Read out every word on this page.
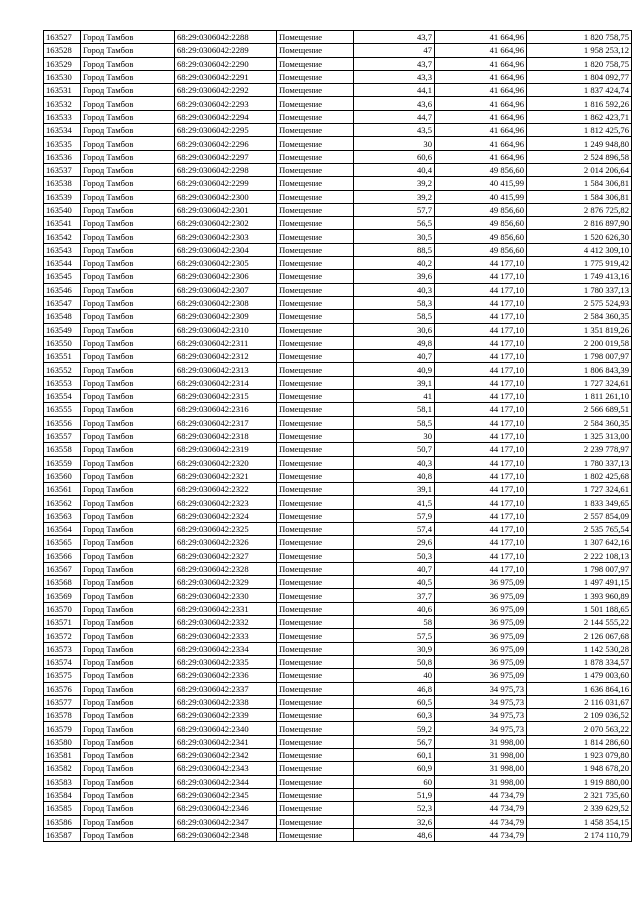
163527	Город Тамбов	68:29:0306042:2288	Помещение	43,7	41 664,96	1 820 758,75
163528	Город Тамбов	68:29:0306042:2289	Помещение	47	41 664,96	1 958 253,12
163529	Город Тамбов	68:29:0306042:2290	Помещение	43,7	41 664,96	1 820 758,75
163530	Город Тамбов	68:29:0306042:2291	Помещение	43,3	41 664,96	1 804 092,77
163531	Город Тамбов	68:29:0306042:2292	Помещение	44,1	41 664,96	1 837 424,74
163532	Город Тамбов	68:29:0306042:2293	Помещение	43,6	41 664,96	1 816 592,26
163533	Город Тамбов	68:29:0306042:2294	Помещение	44,7	41 664,96	1 862 423,71
163534	Город Тамбов	68:29:0306042:2295	Помещение	43,5	41 664,96	1 812 425,76
163535	Город Тамбов	68:29:0306042:2296	Помещение	30	41 664,96	1 249 948,80
163536	Город Тамбов	68:29:0306042:2297	Помещение	60,6	41 664,96	2 524 896,58
163537	Город Тамбов	68:29:0306042:2298	Помещение	40,4	49 856,60	2 014 206,64
163538	Город Тамбов	68:29:0306042:2299	Помещение	39,2	40 415,99	1 584 306,81
163539	Город Тамбов	68:29:0306042:2300	Помещение	39,2	40 415,99	1 584 306,81
163540	Город Тамбов	68:29:0306042:2301	Помещение	57,7	49 856,60	2 876 725,82
163541	Город Тамбов	68:29:0306042:2302	Помещение	56,5	49 856,60	2 816 897,90
163542	Город Тамбов	68:29:0306042:2303	Помещение	30,5	49 856,60	1 520 626,30
163543	Город Тамбов	68:29:0306042:2304	Помещение	88,5	49 856,60	4 412 309,10
163544	Город Тамбов	68:29:0306042:2305	Помещение	40,2	44 177,10	1 775 919,42
163545	Город Тамбов	68:29:0306042:2306	Помещение	39,6	44 177,10	1 749 413,16
163546	Город Тамбов	68:29:0306042:2307	Помещение	40,3	44 177,10	1 780 337,13
163547	Город Тамбов	68:29:0306042:2308	Помещение	58,3	44 177,10	2 575 524,93
163548	Город Тамбов	68:29:0306042:2309	Помещение	58,5	44 177,10	2 584 360,35
163549	Город Тамбов	68:29:0306042:2310	Помещение	30,6	44 177,10	1 351 819,26
163550	Город Тамбов	68:29:0306042:2311	Помещение	49,8	44 177,10	2 200 019,58
163551	Город Тамбов	68:29:0306042:2312	Помещение	40,7	44 177,10	1 798 007,97
163552	Город Тамбов	68:29:0306042:2313	Помещение	40,9	44 177,10	1 806 843,39
163553	Город Тамбов	68:29:0306042:2314	Помещение	39,1	44 177,10	1 727 324,61
163554	Город Тамбов	68:29:0306042:2315	Помещение	41	44 177,10	1 811 261,10
163555	Город Тамбов	68:29:0306042:2316	Помещение	58,1	44 177,10	2 566 689,51
163556	Город Тамбов	68:29:0306042:2317	Помещение	58,5	44 177,10	2 584 360,35
163557	Город Тамбов	68:29:0306042:2318	Помещение	30	44 177,10	1 325 313,00
163558	Город Тамбов	68:29:0306042:2319	Помещение	50,7	44 177,10	2 239 778,97
163559	Город Тамбов	68:29:0306042:2320	Помещение	40,3	44 177,10	1 780 337,13
163560	Город Тамбов	68:29:0306042:2321	Помещение	40,8	44 177,10	1 802 425,68
163561	Город Тамбов	68:29:0306042:2322	Помещение	39,1	44 177,10	1 727 324,61
163562	Город Тамбов	68:29:0306042:2323	Помещение	41,5	44 177,10	1 833 349,65
163563	Город Тамбов	68:29:0306042:2324	Помещение	57,9	44 177,10	2 557 854,09
163564	Город Тамбов	68:29:0306042:2325	Помещение	57,4	44 177,10	2 535 765,54
163565	Город Тамбов	68:29:0306042:2326	Помещение	29,6	44 177,10	1 307 642,16
163566	Город Тамбов	68:29:0306042:2327	Помещение	50,3	44 177,10	2 222 108,13
163567	Город Тамбов	68:29:0306042:2328	Помещение	40,7	44 177,10	1 798 007,97
163568	Город Тамбов	68:29:0306042:2329	Помещение	40,5	36 975,09	1 497 491,15
163569	Город Тамбов	68:29:0306042:2330	Помещение	37,7	36 975,09	1 393 960,89
163570	Город Тамбов	68:29:0306042:2331	Помещение	40,6	36 975,09	1 501 188,65
163571	Город Тамбов	68:29:0306042:2332	Помещение	58	36 975,09	2 144 555,22
163572	Город Тамбов	68:29:0306042:2333	Помещение	57,5	36 975,09	2 126 067,68
163573	Город Тамбов	68:29:0306042:2334	Помещение	30,9	36 975,09	1 142 530,28
163574	Город Тамбов	68:29:0306042:2335	Помещение	50,8	36 975,09	1 878 334,57
163575	Город Тамбов	68:29:0306042:2336	Помещение	40	36 975,09	1 479 003,60
163576	Город Тамбов	68:29:0306042:2337	Помещение	46,8	34 975,73	1 636 864,16
163577	Город Тамбов	68:29:0306042:2338	Помещение	60,5	34 975,73	2 116 031,67
163578	Город Тамбов	68:29:0306042:2339	Помещение	60,3	34 975,73	2 109 036,52
163579	Город Тамбов	68:29:0306042:2340	Помещение	59,2	34 975,73	2 070 563,22
163580	Город Тамбов	68:29:0306042:2341	Помещение	56,7	31 998,00	1 814 286,60
163581	Город Тамбов	68:29:0306042:2342	Помещение	60,1	31 998,00	1 923 079,80
163582	Город Тамбов	68:29:0306042:2343	Помещение	60,9	31 998,00	1 948 678,20
163583	Город Тамбов	68:29:0306042:2344	Помещение	60	31 998,00	1 919 880,00
163584	Город Тамбов	68:29:0306042:2345	Помещение	51,9	44 734,79	2 321 735,60
163585	Город Тамбов	68:29:0306042:2346	Помещение	52,3	44 734,79	2 339 629,52
163586	Город Тамбов	68:29:0306042:2347	Помещение	32,6	44 734,79	1 458 354,15
163587	Город Тамбов	68:29:0306042:2348	Помещение	48,6	44 734,79	2 174 110,79
